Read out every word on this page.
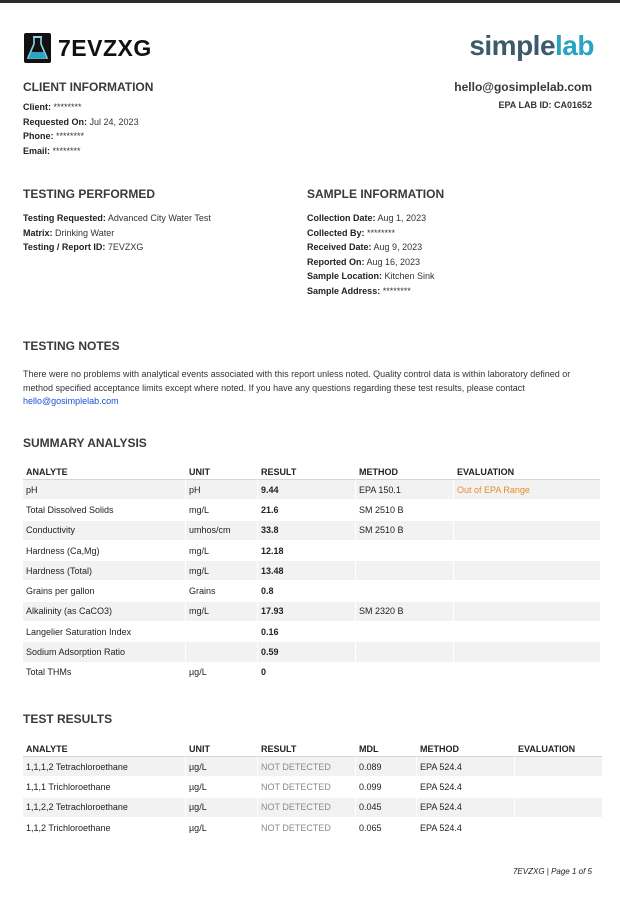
7EVZXG	simplelab
hello@gosimplelab.com
EPA LAB ID: CA01652
CLIENT INFORMATION
Client: ********
Requested On: Jul 24, 2023
Phone: ********
Email: ********
TESTING PERFORMED
Testing Requested: Advanced City Water Test
Matrix: Drinking Water
Testing / Report ID: 7EVZXG
SAMPLE INFORMATION
Collection Date: Aug 1, 2023
Collected By: ********
Received Date: Aug 9, 2023
Reported On: Aug 16, 2023
Sample Location: Kitchen Sink
Sample Address: ********
TESTING NOTES
There were no problems with analytical events associated with this report unless noted. Quality control data is within laboratory defined or method specified acceptance limits except where noted. If you have any questions regarding these test results, please contact hello@gosimplelab.com
SUMMARY ANALYSIS
ANALYTE	UNIT	RESULT	METHOD	EVALUATION
pH	pH	9.44	EPA 150.1	Out of EPA Range
Total Dissolved Solids	mg/L	21.6	SM 2510 B	
Conductivity	umhos/cm	33.8	SM 2510 B	
Hardness (Ca,Mg)	mg/L	12.18		
Hardness (Total)	mg/L	13.48		
Grains per gallon	Grains	0.8		
Alkalinity (as CaCO3)	mg/L	17.93	SM 2320 B	
Langelier Saturation Index		0.16		
Sodium Adsorption Ratio		0.59		
Total THMs	µg/L	0		
TEST RESULTS
ANALYTE	UNIT	RESULT	MDL	METHOD	EVALUATION
1,1,1,2 Tetrachloroethane	µg/L	NOT DETECTED	0.089	EPA 524.4	
1,1,1 Trichloroethane	µg/L	NOT DETECTED	0.099	EPA 524.4	
1,1,2,2 Tetrachloroethane	µg/L	NOT DETECTED	0.045	EPA 524.4	
1,1,2 Trichloroethane	µg/L	NOT DETECTED	0.065	EPA 524.4	
7EVZXG | Page 1 of 5
